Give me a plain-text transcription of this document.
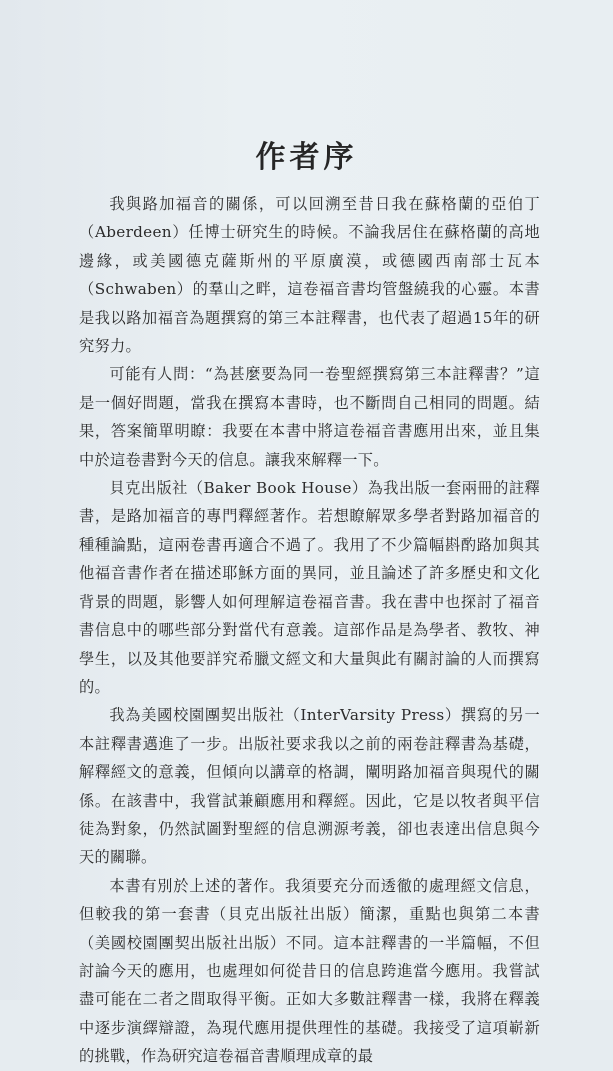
作者序

我與路加福音的關係，可以回溯至昔日我在蘇格蘭的亞伯丁（Aberdeen）任博士研究生的時候。不論我居住在蘇格蘭的高地邊緣，或美國德克薩斯州的平原廣漠，或德國西南部士瓦本（Schwaben）的羣山之畔，這卷福音書均管盤繞我的心靈。本書是我以路加福音為題撰寫的第三本註釋書，也代表了超過15年的研究努力。

可能有人問：“為甚麼要為同一卷聖經撰寫第三本註釋書？”這是一個好問題，當我在撰寫本書時，也不斷問自己相同的問題。結果，答案簡單明瞭：我要在本書中將這卷福音書應用出來，並且集中於這卷書對今天的信息。讓我來解釋一下。

貝克出版社（Baker Book House）為我出版一套兩冊的註釋書，是路加福音的專門釋經著作。若想瞭解眾多學者對路加福音的種種論點，這兩卷書再適合不過了。我用了不少篇幅斟酌路加與其他福音書作者在描述耶穌方面的異同，並且論述了許多歷史和文化背景的問題，影響人如何理解這卷福音書。我在書中也探討了福音書信息中的哪些部分對當代有意義。這部作品是為學者、教牧、神學生，以及其他要詳究希臘文經文和大量與此有關討論的人而撰寫的。

我為美國校園團契出版社（InterVarsity Press）撰寫的另一本註釋書邁進了一步。出版社要求我以之前的兩卷註釋書為基礎，解釋經文的意義，但傾向以講章的格調，闡明路加福音與現代的關係。在該書中，我嘗試兼顧應用和釋經。因此，它是以牧者與平信徒為對象，仍然試圖對聖經的信息溯源考義，卻也表達出信息與今天的關聯。

本書有別於上述的著作。我須要充分而透徹的處理經文信息，但較我的第一套書（貝克出版社出版）簡潔，重點也與第二本書（美國校園團契出版社出版）不同。這本註釋書的一半篇幅，不但討論今天的應用，也處理如何從昔日的信息跨進當今應用。我嘗試盡可能在二者之間取得平衡。正如大多數註釋書一樣，我將在釋義中逐步演繹辯證，為現代應用提供理性的基礎。我接受了這項嶄新的挑戰，作為研究這卷福音書順理成章的最
